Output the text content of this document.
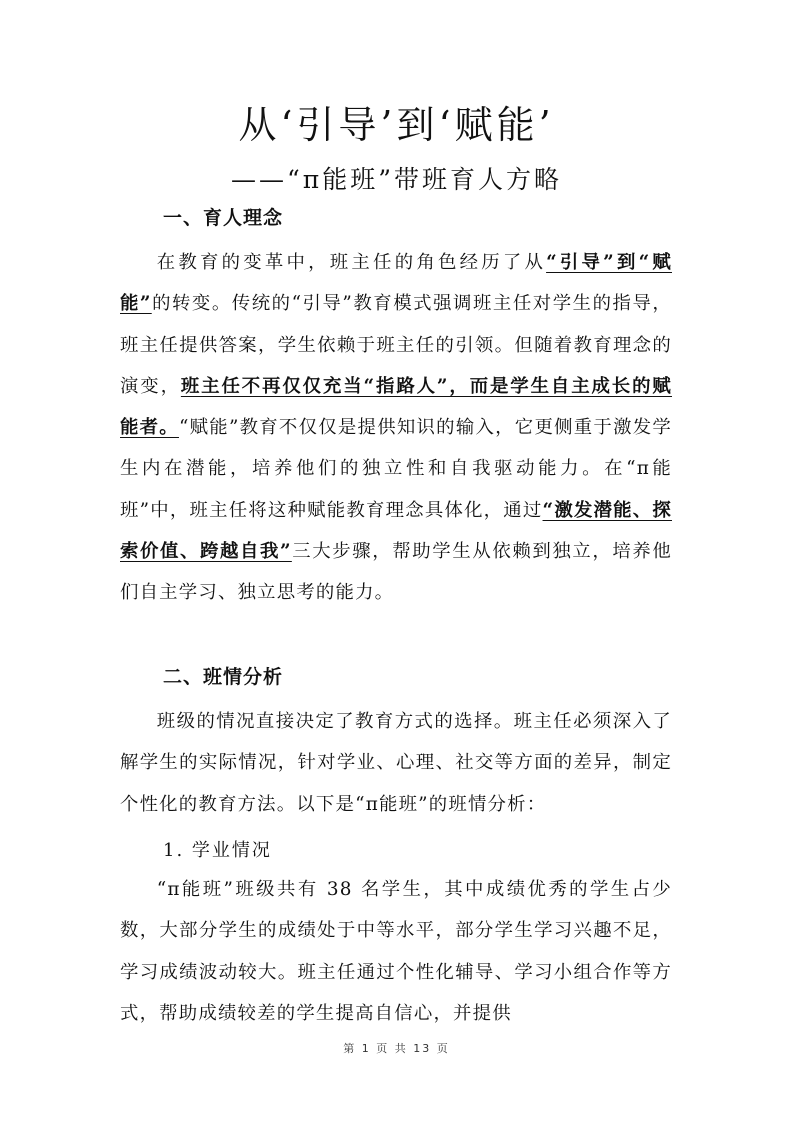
从‘引导’到‘赋能’
——“π能班”带班育人方略
一、育人理念
在教育的变革中，班主任的角色经历了从“引导”到“赋能”的转变。传统的“引导”教育模式强调班主任对学生的指导，班主任提供答案，学生依赖于班主任的引领。但随着教育理念的演变，班主任不再仅仅充当“指路人”，而是学生自主成长的赋能者。“赋能”教育不仅仅是提供知识的输入，它更侧重于激发学生内在潜能，培养他们的独立性和自我驱动能力。在“π能班”中，班主任将这种赋能教育理念具体化，通过“激发潜能、探索价值、跨越自我”三大步骤，帮助学生从依赖到独立，培养他们自主学习、独立思考的能力。
二、班情分析
班级的情况直接决定了教育方式的选择。班主任必须深入了解学生的实际情况，针对学业、心理、社交等方面的差异，制定个性化的教育方法。以下是“π能班”的班情分析：
1. 学业情况
“π能班”班级共有 38 名学生，其中成绩优秀的学生占少数，大部分学生的成绩处于中等水平，部分学生学习兴趣不足，学习成绩波动较大。班主任通过个性化辅导、学习小组合作等方式，帮助成绩较差的学生提高自信心，并提供
第 1 页 共 13 页
